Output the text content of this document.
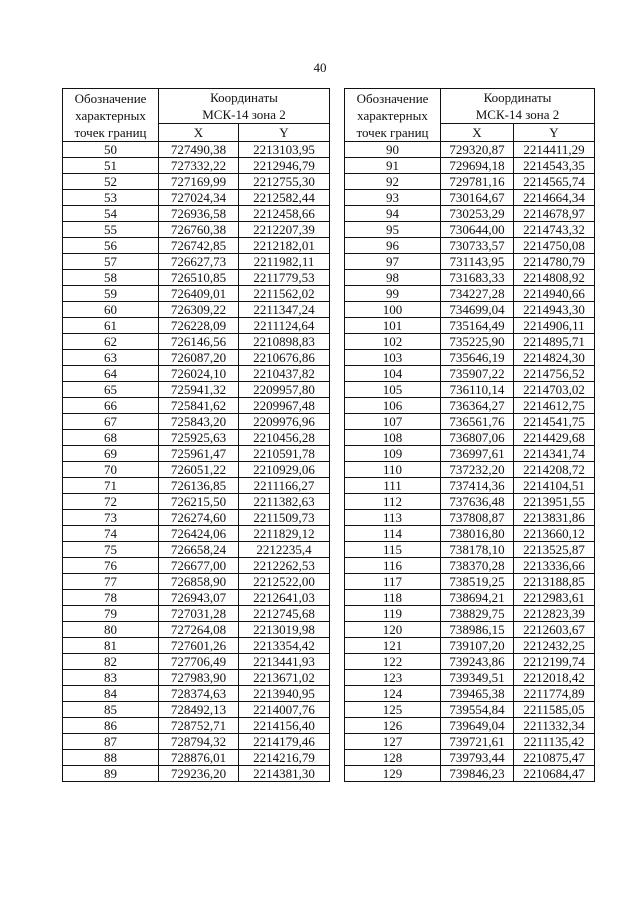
40
Обозначение
характерных
точек границ	Координаты
МСК-14 зона 2	

	X	Y
50	727490,38	2213103,95
51	727332,22	2212946,79
52	727169,99	2212755,30
53	727024,34	2212582,44
54	726936,58	2212458,66
55	726760,38	2212207,39
56	726742,85	2212182,01
57	726627,73	2211982,11
58	726510,85	2211779,53
59	726409,01	2211562,02
60	726309,22	2211347,24
61	726228,09	2211124,64
62	726146,56	2210898,83
63	726087,20	2210676,86
64	726024,10	2210437,82
65	725941,32	2209957,80
66	725841,62	2209967,48
67	725843,20	2209976,96
68	725925,63	2210456,28
69	725961,47	2210591,78
70	726051,22	2210929,06
71	726136,85	2211166,27
72	726215,50	2211382,63
73	726274,60	2211509,73
74	726424,06	2211829,12
75	726658,24	2212235,4
76	726677,00	2212262,53
77	726858,90	2212522,00
78	726943,07	2212641,03
79	727031,28	2212745,68
80	727264,08	2213019,98
81	727601,26	2213354,42
82	727706,49	2213441,93
83	727983,90	2213671,02
84	728374,63	2213940,95
85	728492,13	2214007,76
86	728752,71	2214156,40
87	728794,32	2214179,46
88	728876,01	2214216,79
89	729236,20	2214381,30
Обозначение
характерных
точек границ	Координаты
МСК-14 зона 2	

	X	Y
90	729320,87	2214411,29
91	729694,18	2214543,35
92	729781,16	2214565,74
93	730164,67	2214664,34
94	730253,29	2214678,97
95	730644,00	2214743,32
96	730733,57	2214750,08
97	731143,95	2214780,79
98	731683,33	2214808,92
99	734227,28	2214940,66
100	734699,04	2214943,30
101	735164,49	2214906,11
102	735225,90	2214895,71
103	735646,19	2214824,30
104	735907,22	2214756,52
105	736110,14	2214703,02
106	736364,27	2214612,75
107	736561,76	2214541,75
108	736807,06	2214429,68
109	736997,61	2214341,74
110	737232,20	2214208,72
111	737414,36	2214104,51
112	737636,48	2213951,55
113	737808,87	2213831,86
114	738016,80	2213660,12
115	738178,10	2213525,87
116	738370,28	2213336,66
117	738519,25	2213188,85
118	738694,21	2212983,61
119	738829,75	2212823,39
120	738986,15	2212603,67
121	739107,20	2212432,25
122	739243,86	2212199,74
123	739349,51	2212018,42
124	739465,38	2211774,89
125	739554,84	2211585,05
126	739649,04	2211332,34
127	739721,61	2211135,42
128	739793,44	2210875,47
129	739846,23	2210684,47
